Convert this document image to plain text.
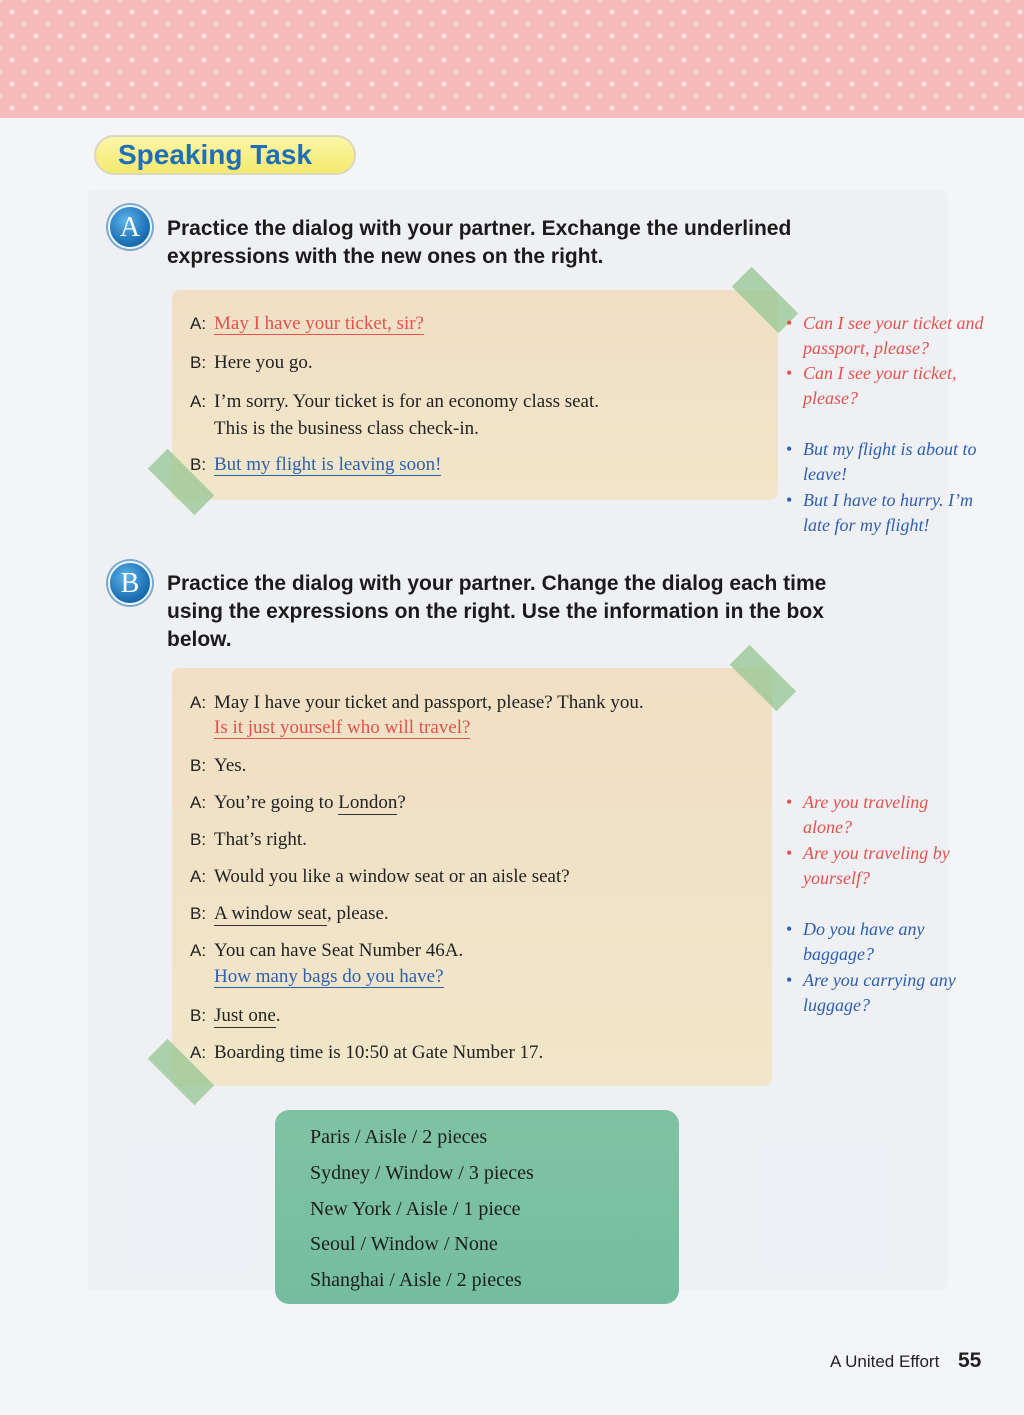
Speaking Task
A	Practice the dialog with your partner. Exchange the underlined
expressions with the new ones on the right.
A: May I have your ticket, sir?
B: Here you go.
A: I’m sorry. Your ticket is for an economy class seat.
This is the business class check-in.
B: But my flight is leaving soon!
• Can I see your ticket and
passport, please?
• Can I see your ticket,
please?
• But my flight is about to
leave!
• But I have to hurry. I’m
late for my flight!
B	Practice the dialog with your partner. Change the dialog each time
using the expressions on the right. Use the information in the box
below.
A: May I have your ticket and passport, please? Thank you.
Is it just yourself who will travel?
B: Yes.
A: You’re going to London?
B: That’s right.
A: Would you like a window seat or an aisle seat?
B: A window seat, please.
A: You can have Seat Number 46A.
How many bags do you have?
B: Just one.
A: Boarding time is 10:50 at Gate Number 17.
• Are you traveling
alone?
• Are you traveling by
yourself?
• Do you have any
baggage?
• Are you carrying any
luggage?
Paris / Aisle / 2 pieces
Sydney / Window / 3 pieces
New York / Aisle / 1 piece
Seoul / Window / None
Shanghai / Aisle / 2 pieces
A United Effort 55
